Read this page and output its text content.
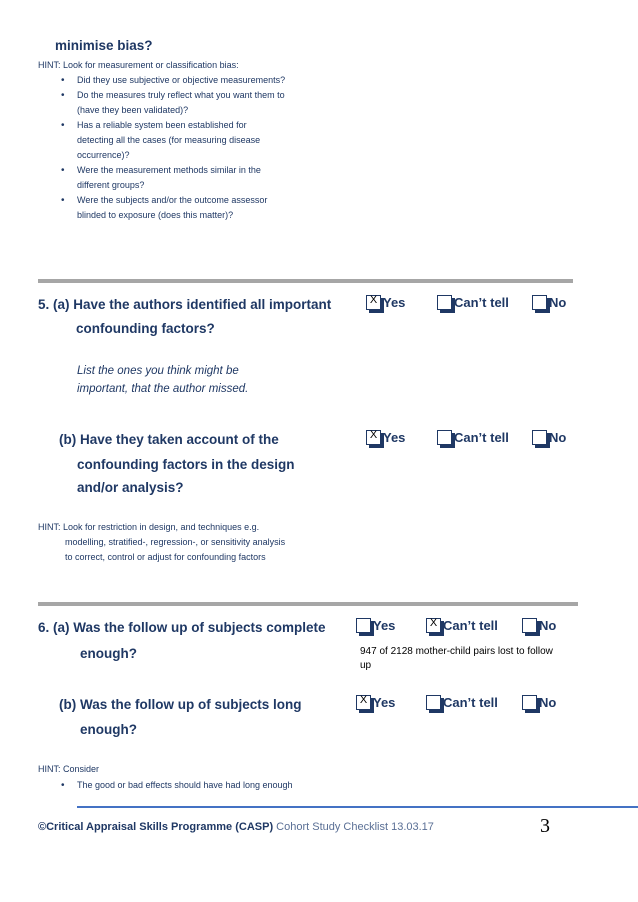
minimise bias?
HINT: Look for measurement or classification bias:
• Did they use subjective or objective measurements?
• Do the measures truly reflect what you want them to
(have they been validated)?
• Has a reliable system been established for
detecting all the cases (for measuring disease
occurrence)?
• Were the measurement methods similar in the
different groups?
• Were the subjects and/or the outcome assessor
blinded to exposure (does this matter)?
5. (a) Have the authors identified all important
confounding factors?
X Yes	Can’t tell	No
List the ones you think might be
important, that the author missed.
(b) Have they taken account of the
confounding factors in the design
and/or analysis?
X Yes	Can’t tell	No
HINT: Look for restriction in design, and techniques e.g.
modelling, stratified-, regression-, or sensitivity analysis
to correct, control or adjust for confounding factors
6. (a) Was the follow up of subjects complete
enough?
Yes	X Can’t tell	No
947 of 2128 mother-child pairs lost to follow
up
(b) Was the follow up of subjects long
enough?
X Yes	Can’t tell	No
HINT: Consider
• The good or bad effects should have had long enough
©Critical Appraisal Skills Programme (CASP) Cohort Study Checklist 13.03.17	3
